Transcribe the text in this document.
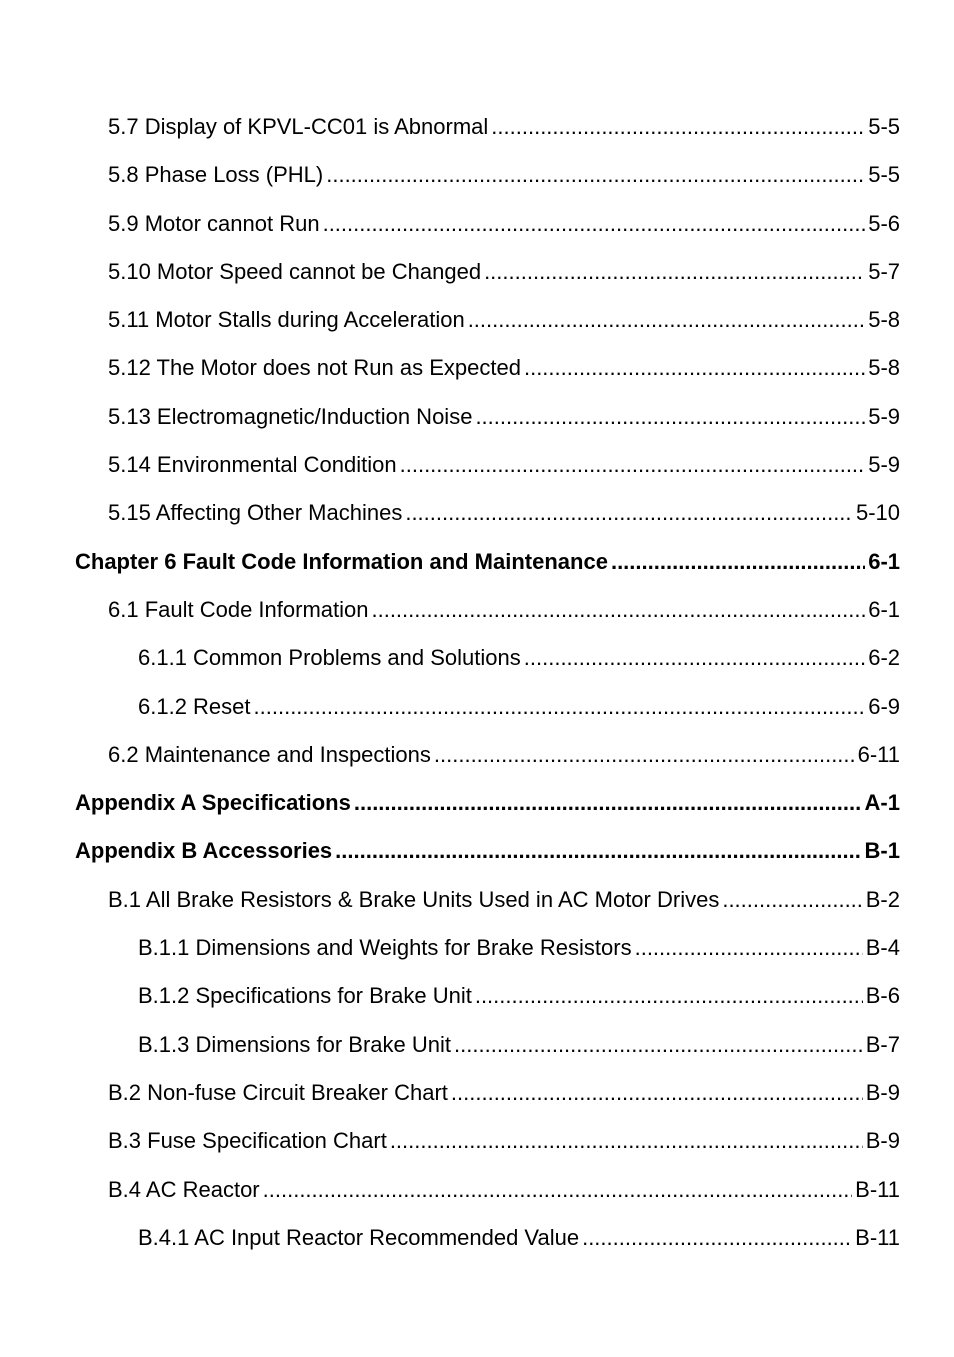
5.7 Display of KPVL-CC01 is Abnormal .....	5-5
5.8 Phase Loss (PHL) .....	5-5
5.9 Motor cannot Run .....	5-6
5.10 Motor Speed cannot be Changed .....	5-7
5.11 Motor Stalls during Acceleration .....	5-8
5.12 The Motor does not Run as Expected .....	5-8
5.13 Electromagnetic/Induction Noise .....	5-9
5.14 Environmental Condition .....	5-9
5.15 Affecting Other Machines .....	5-10
Chapter 6 Fault Code Information and Maintenance .....	6-1
6.1 Fault Code Information .....	6-1
6.1.1 Common Problems and Solutions .....	6-2
6.1.2 Reset .....	6-9
6.2 Maintenance and Inspections .....	6-11
Appendix A Specifications .....	A-1
Appendix B Accessories .....	B-1
B.1 All Brake Resistors & Brake Units Used in AC Motor Drives .....	B-2
B.1.1 Dimensions and Weights for Brake Resistors .....	B-4
B.1.2 Specifications for Brake Unit .....	B-6
B.1.3 Dimensions for Brake Unit .....	B-7
B.2 Non-fuse Circuit Breaker Chart .....	B-9
B.3 Fuse Specification Chart .....	B-9
B.4 AC Reactor .....	B-11
B.4.1 AC Input Reactor Recommended Value .....	B-11
